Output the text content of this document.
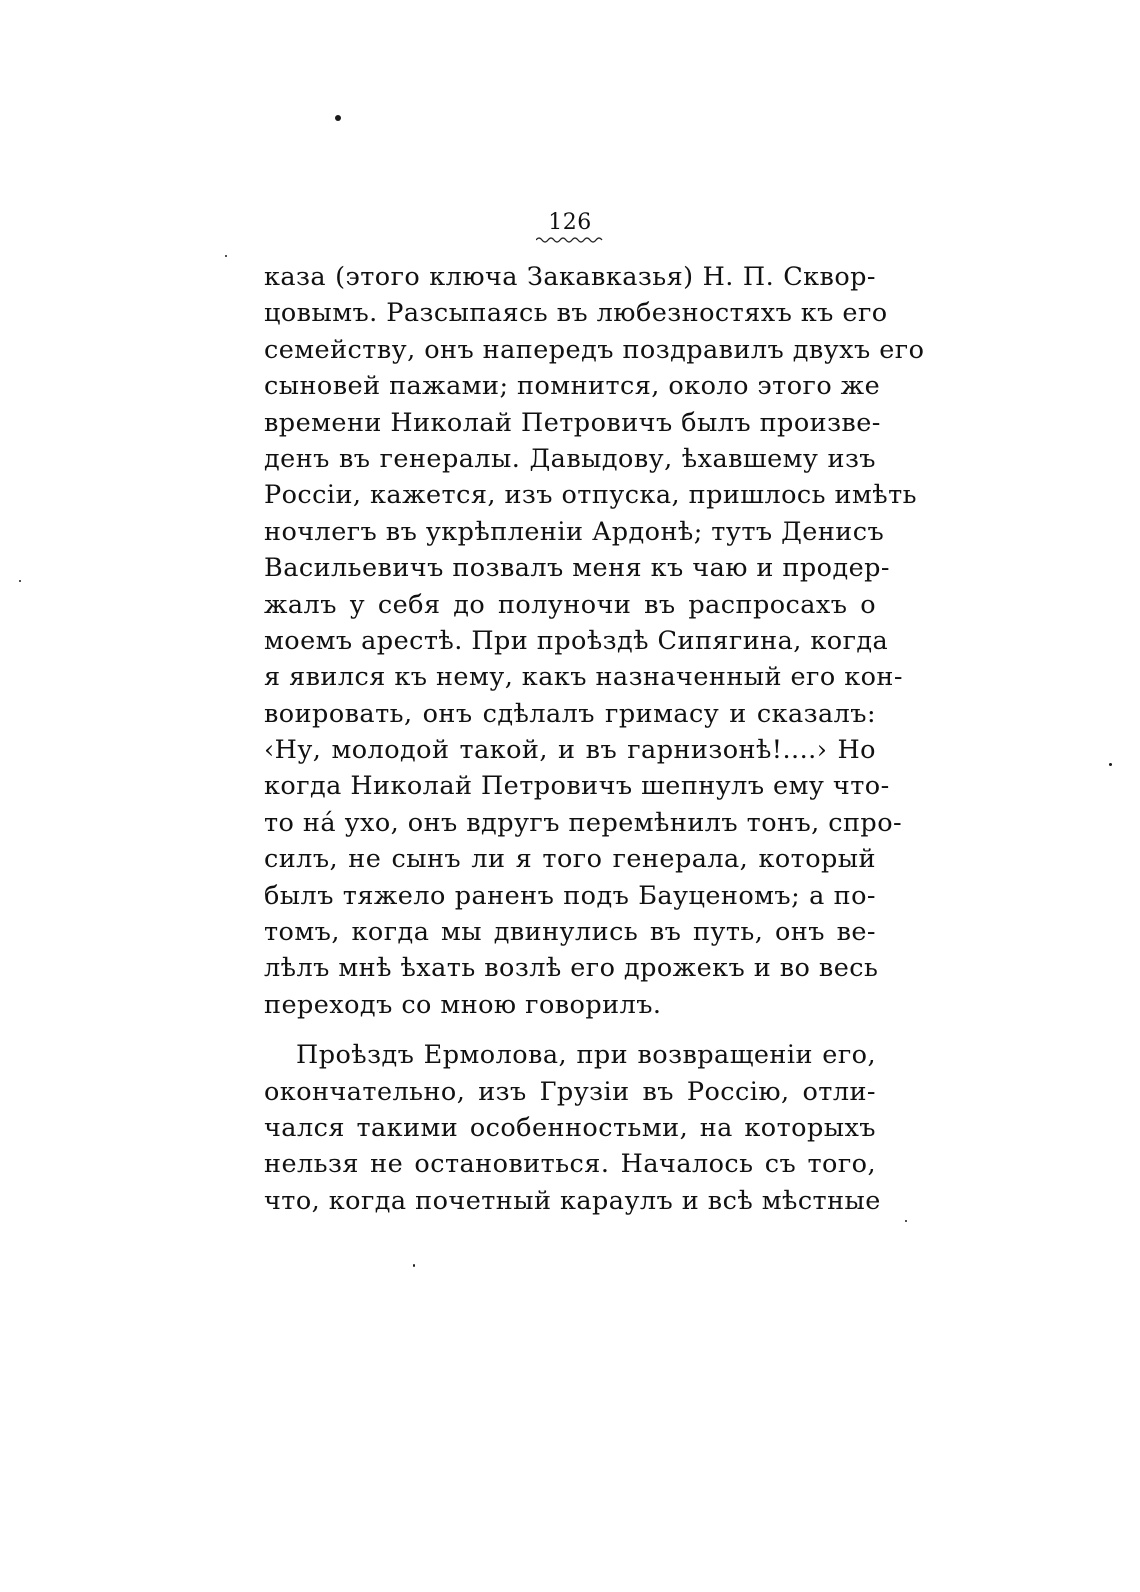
126
каза (этого ключа Закавказья) Н. П. Сквор-
цовымъ. Разсыпаясь въ любезностяхъ къ его
семейству, онъ напередъ поздравилъ двухъ его
сыновей пажами; помнится, около этого же
времени Николай Петровичъ былъ произве-
денъ въ генералы. Давыдову, ѣхавшему изъ
Россіи, кажется, изъ отпуска, пришлось имѣть
ночлегъ въ укрѣпленіи Ардонѣ; тутъ Денисъ
Васильевичъ позвалъ меня къ чаю и продер-
жалъ у себя до полуночи въ распросахъ о
моемъ арестѣ. При проѣздѣ Сипягина, когда
я явился къ нему, какъ назначенный его кон-
воировать, онъ сдѣлалъ гримасу и сказалъ:
‹Ну, молодой такой, и въ гарнизонѣ!....› Но
когда Николай Петровичъ шепнулъ ему что-
то нá ухо, онъ вдругъ перемѣнилъ тонъ, спро-
силъ, не сынъ ли я того генерала, который
былъ тяжело раненъ подъ Бауценомъ; а по-
томъ, когда мы двинулись въ путь, онъ ве-
лѣлъ мнѣ ѣхать возлѣ его дрожекъ и во весь
переходъ со мною говорилъ.
Проѣздъ Ермолова, при возвращеніи его,
окончательно, изъ Грузіи въ Россію, отли-
чался такими особенностьми, на которыхъ
нельзя не остановиться. Началось съ того,
что, когда почетный караулъ и всѣ мѣстные
